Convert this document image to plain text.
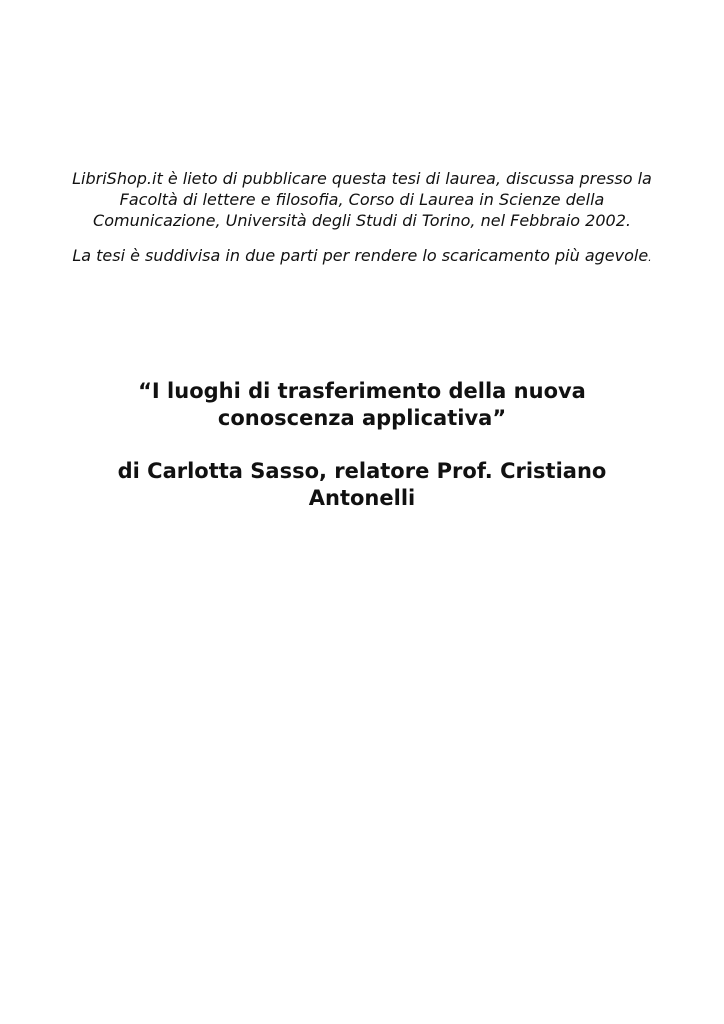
LibriShop.it è lieto di pubblicare questa tesi di laurea, discussa presso la Facoltà di lettere e filosofia, Corso di Laurea in Scienze della Comunicazione, Università degli Studi di Torino, nel Febbraio 2002.

La tesi è suddivisa in due parti per rendere lo scaricamento più agevole.

“I luoghi di trasferimento della nuova conoscenza applicativa”
di Carlotta Sasso, relatore Prof. Cristiano Antonelli
